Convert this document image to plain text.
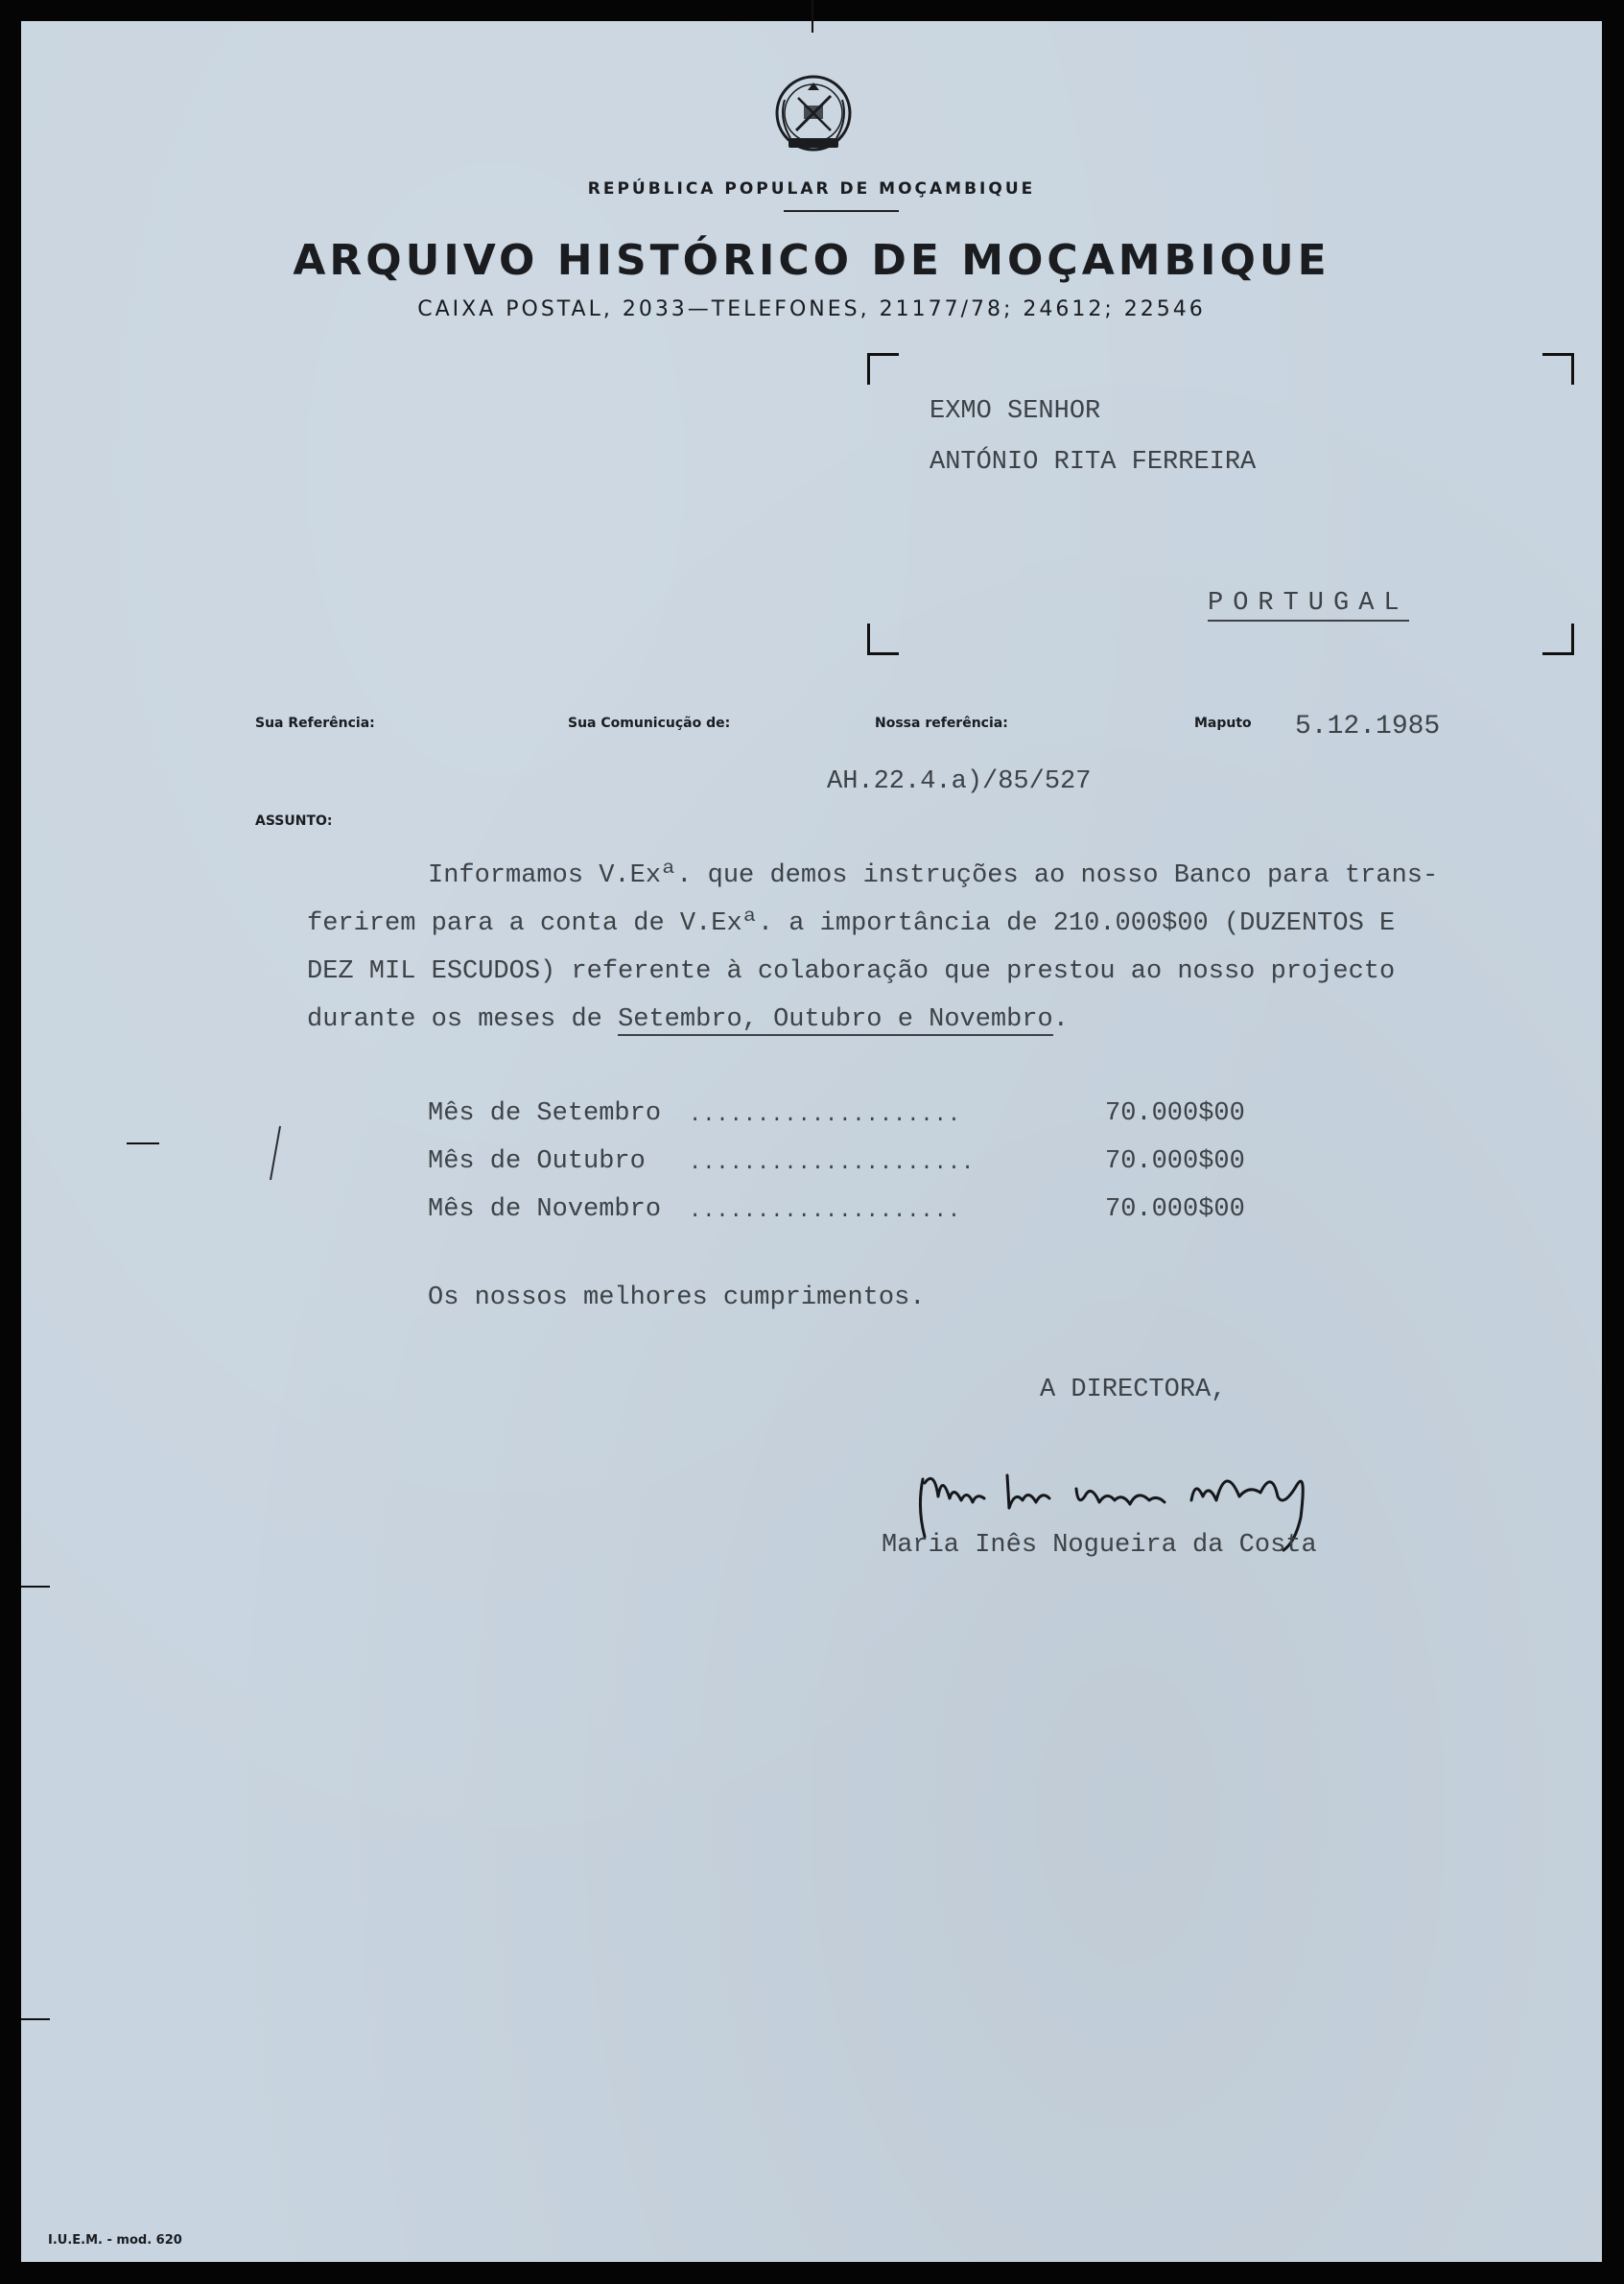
REPÚBLICA POPULAR DE MOÇAMBIQUE
ARQUIVO HISTÓRICO DE MOÇAMBIQUE
CAIXA POSTAL, 2033—TELEFONES, 21177/78; 24612; 22546
EXMO SENHOR
ANTÓNIO RITA FERREIRA
PORTUGAL
Sua Referência:	Sua Comunicução de:	Nossa referência:	Maputo 5.12.1985
AH.22.4.a)/85/527
ASSUNTO:
Informamos V.Exª. que demos instruções ao nosso Banco para trans-
ferirem para a conta de V.Exª. a importância de 210.000$00 (DUZENTOS E
DEZ MIL ESCUDOS) referente à colaboração que prestou ao nosso projecto
durante os meses de Setembro, Outubro e Novembro.
Mês de Setembro ....................	70.000$00
Mês de Outubro .....................	70.000$00
Mês de Novembro ....................	70.000$00
Os nossos melhores cumprimentos.
A DIRECTORA,
Maria Inês Nogueira da Costa
I.U.E.M. - mod. 620
